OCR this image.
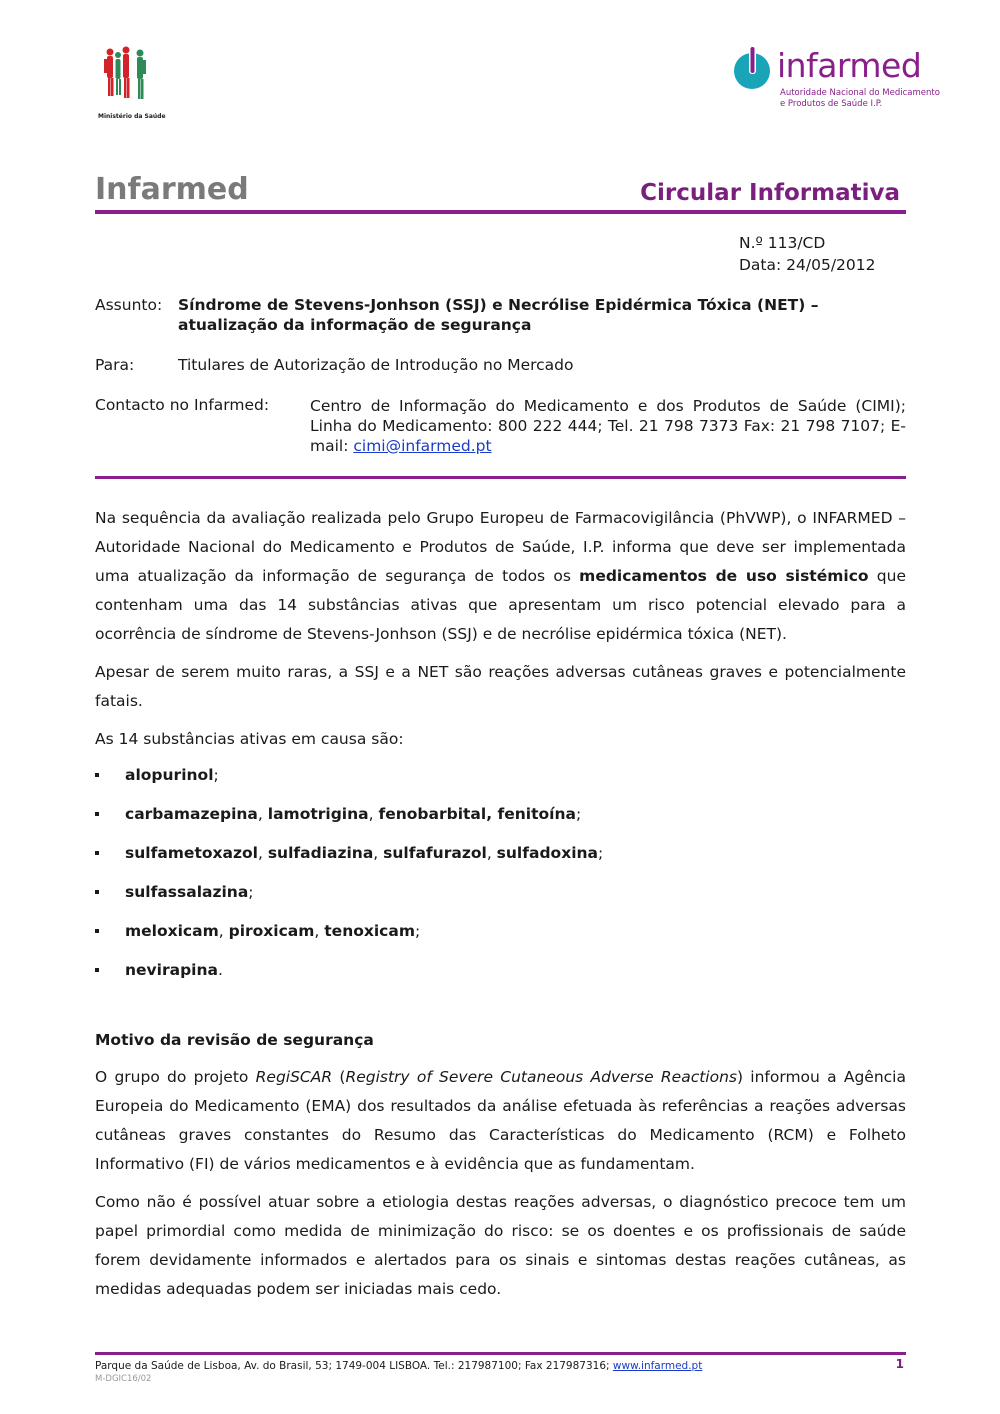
Ministério da Saúde
infarmed
Autoridade Nacional do Medicamento
e Produtos de Saúde I.P.
Infarmed	Circular Informativa
N.º 113/CD
Data: 24/05/2012
Assunto: Síndrome de Stevens-Jonhson (SSJ) e Necrólise Epidérmica Tóxica (NET) –
atualização da informação de segurança
Para:	Titulares de Autorização de Introdução no Mercado
Contacto no Infarmed:	Centro de Informação do Medicamento e dos Produtos de Saúde (CIMI); Linha do Medicamento: 800 222 444; Tel. 21 798 7373 Fax: 21 798 7107; E-mail: cimi@infarmed.pt

Na sequência da avaliação realizada pelo Grupo Europeu de Farmacovigilância (PhVWP), o INFARMED – Autoridade Nacional do Medicamento e Produtos de Saúde, I.P. informa que deve ser implementada uma atualização da informação de segurança de todos os medicamentos de uso sistémico que contenham uma das 14 substâncias ativas que apresentam um risco potencial elevado para a ocorrência de síndrome de Stevens-Jonhson (SSJ) e de necrólise epidérmica tóxica (NET).

Apesar de serem muito raras, a SSJ e a NET são reações adversas cutâneas graves e potencialmente fatais.

As 14 substâncias ativas em causa são:

alopurinol;
carbamazepina, lamotrigina, fenobarbital, fenitoína;
sulfametoxazol, sulfadiazina, sulfafurazol, sulfadoxina;
sulfassalazina;
meloxicam, piroxicam, tenoxicam;
nevirapina.

Motivo da revisão de segurança

O grupo do projeto RegiSCAR (Registry of Severe Cutaneous Adverse Reactions) informou a Agência Europeia do Medicamento (EMA) dos resultados da análise efetuada às referências a reações adversas cutâneas graves constantes do Resumo das Características do Medicamento (RCM) e Folheto Informativo (FI) de vários medicamentos e à evidência que as fundamentam.

Como não é possível atuar sobre a etiologia destas reações adversas, o diagnóstico precoce tem um papel primordial como medida de minimização do risco: se os doentes e os profissionais de saúde forem devidamente informados e alertados para os sinais e sintomas destas reações cutâneas, as medidas adequadas podem ser iniciadas mais cedo.

Parque da Saúde de Lisboa, Av. do Brasil, 53; 1749-004 LISBOA. Tel.: 217987100; Fax 217987316; www.infarmed.pt	1
M-DGIC16/02
